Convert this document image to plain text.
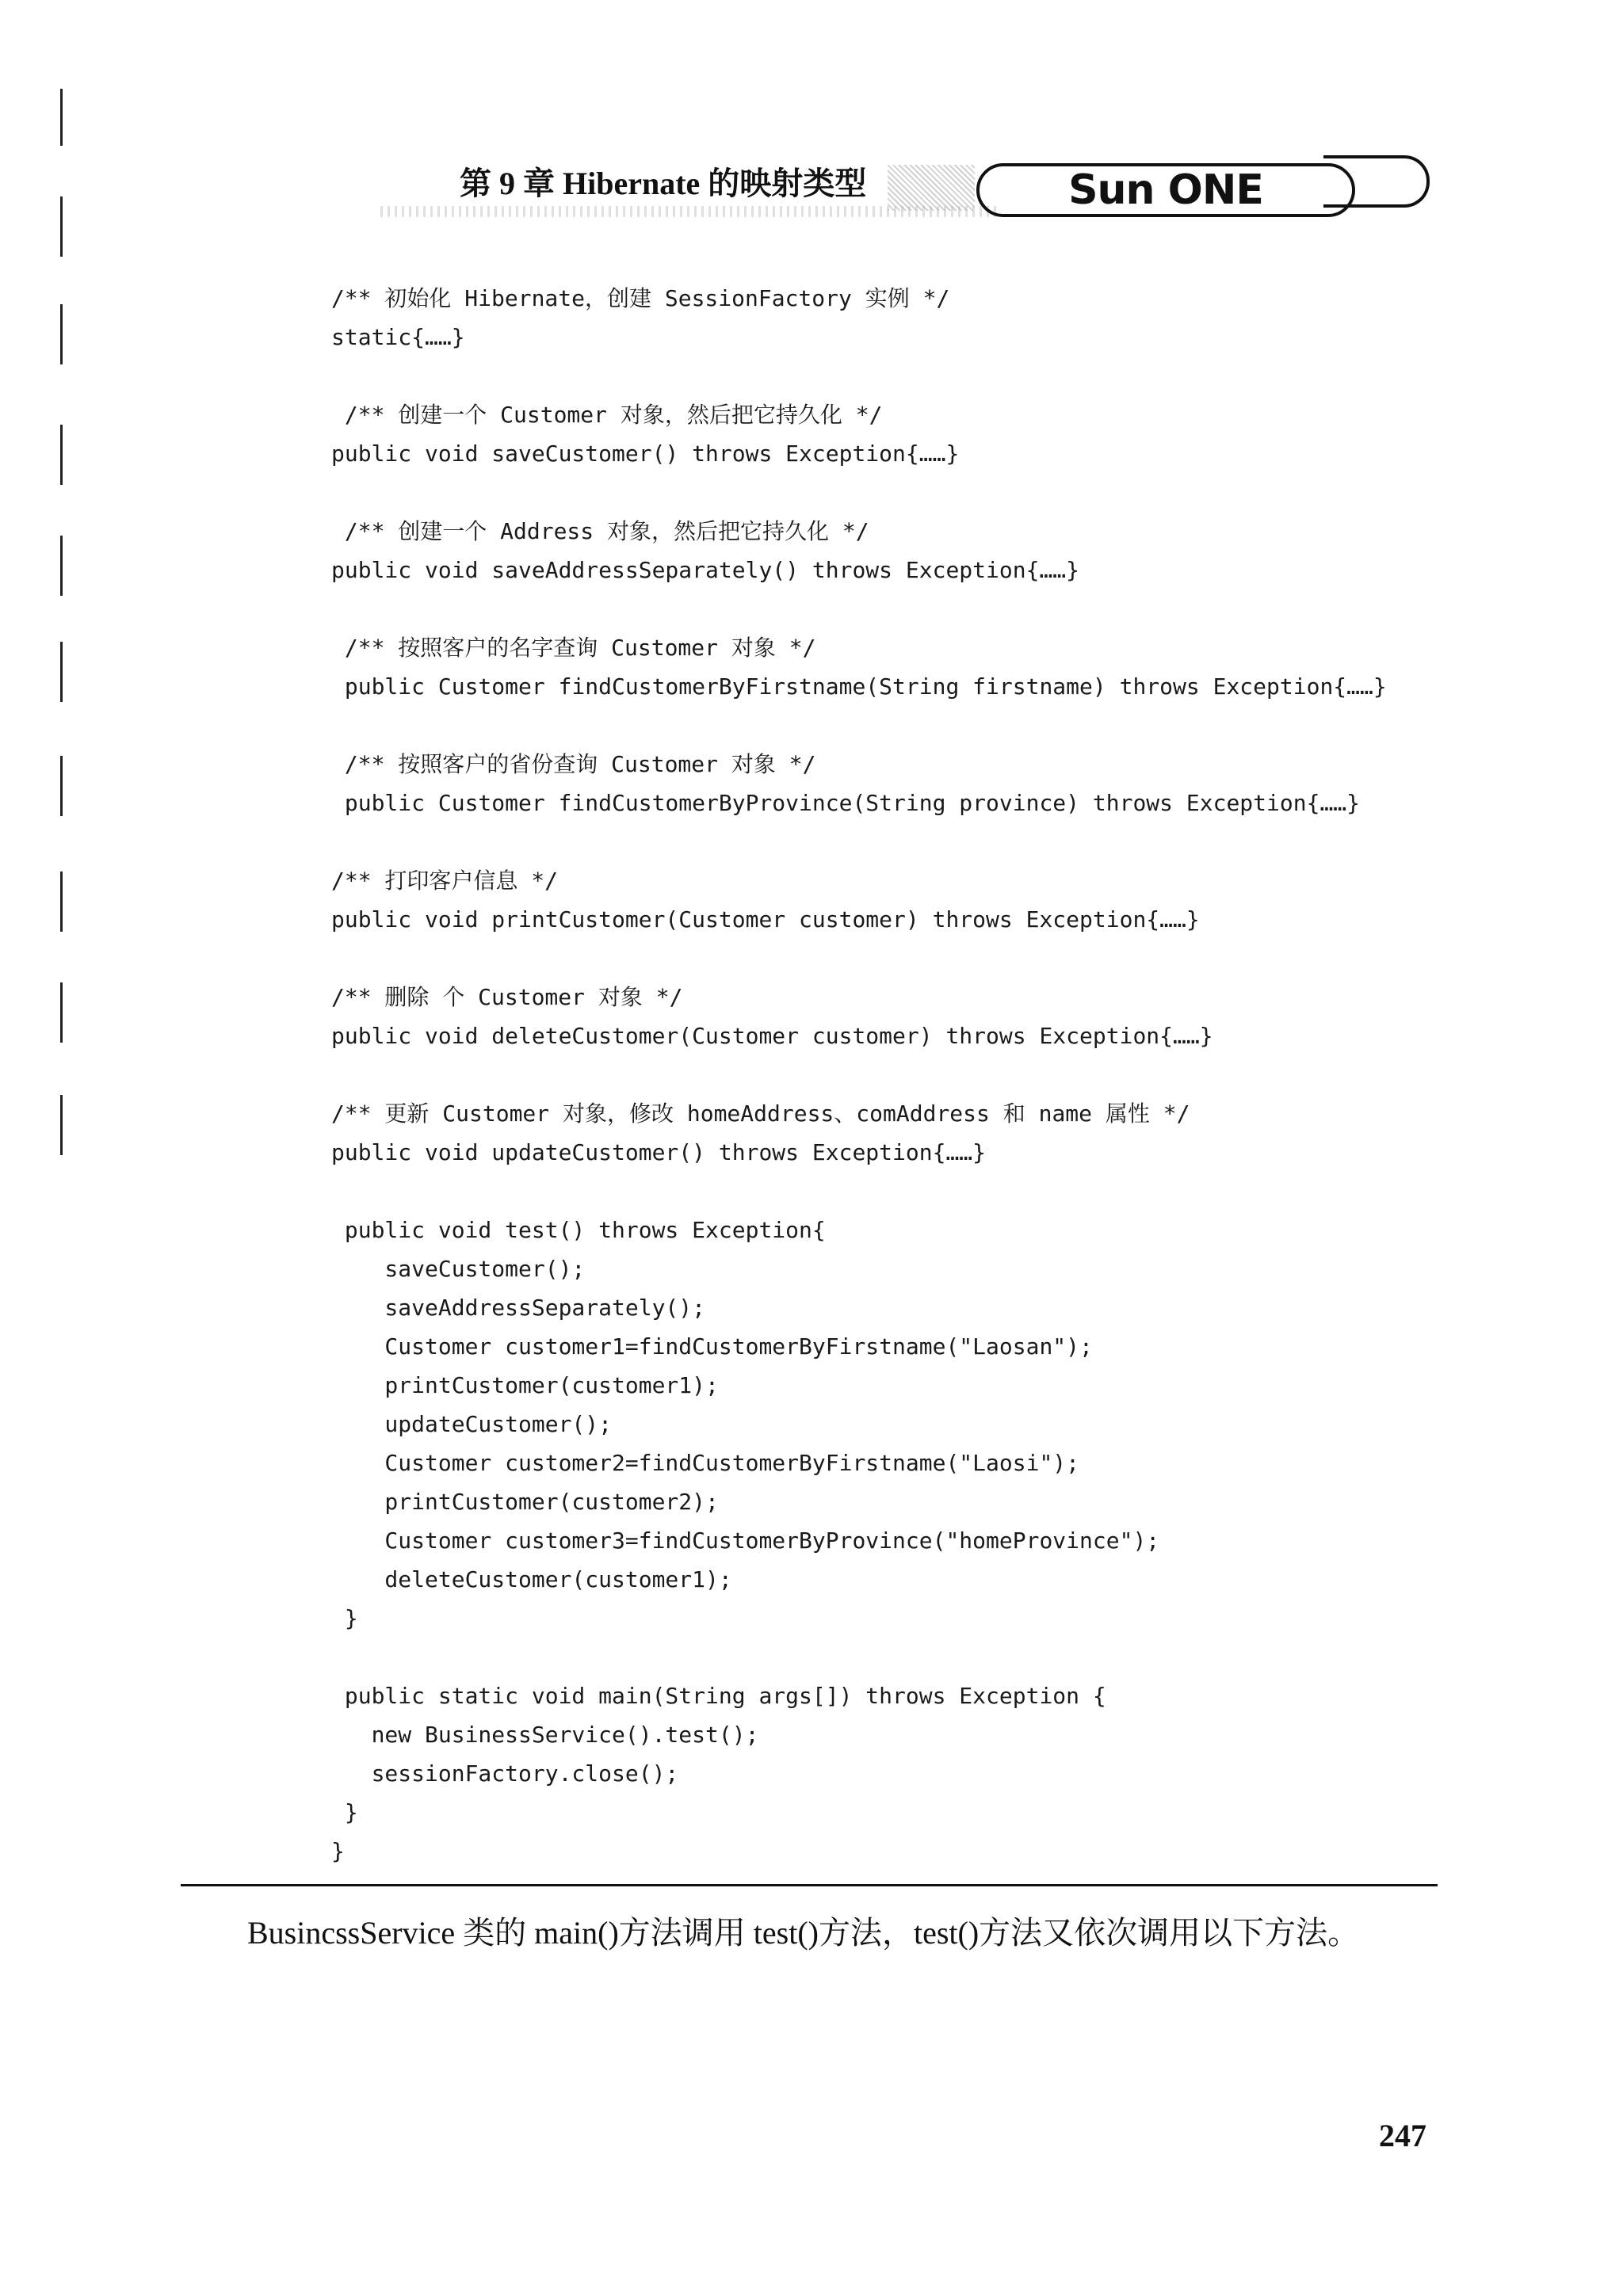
第 9 章 Hibernate 的映射类型	Sun ONE
/** 初始化 Hibernate，创建 SessionFactory 实例 */
static{……}
/** 创建一个 Customer 对象，然后把它持久化 */
public void saveCustomer() throws Exception{……}
/** 创建一个 Address 对象，然后把它持久化 */
public void saveAddressSeparately() throws Exception{……}
/** 按照客户的名字查询 Customer 对象 */
public Customer findCustomerByFirstname(String firstname) throws Exception{……}
/** 按照客户的省份查询 Customer 对象 */
public Customer findCustomerByProvince(String province) throws Exception{……}
/** 打印客户信息 */
public void printCustomer(Customer customer) throws Exception{……}
/** 删除 个 Customer 对象 */
public void deleteCustomer(Customer customer) throws Exception{……}
/** 更新 Customer 对象，修改 homeAddress、comAddress 和 name 属性 */
public void updateCustomer() throws Exception{……}
public void test() throws Exception{
saveCustomer();
saveAddressSeparately();
Customer customer1=findCustomerByFirstname("Laosan");
printCustomer(customer1);
updateCustomer();
Customer customer2=findCustomerByFirstname("Laosi");
printCustomer(customer2);
Customer customer3=findCustomerByProvince("homeProvince");
deleteCustomer(customer1);
}
public static void main(String args[]) throws Exception {
new BusinessService().test();
sessionFactory.close();
}
}
BusincssService 类的 main()方法调用 test()方法，test()方法又依次调用以下方法。
247
